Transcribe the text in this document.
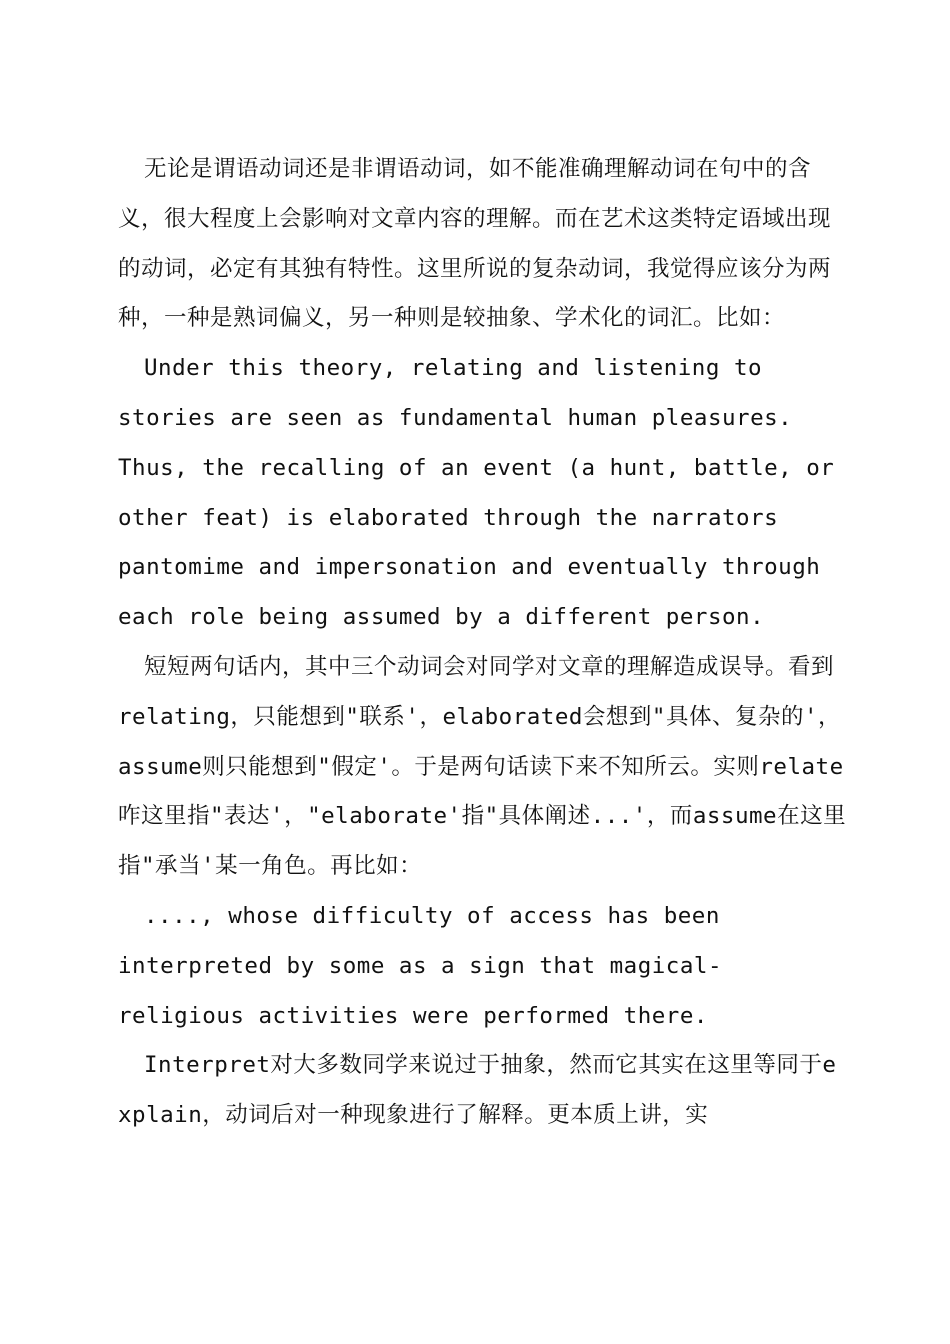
无论是谓语动词还是非谓语动词，如不能准确理解动词在句中的含义，很大程度上会影响对文章内容的理解。而在艺术这类特定语域出现的动词，必定有其独有特性。这里所说的复杂动词，我觉得应该分为两种，一种是熟词偏义，另一种则是较抽象、学术化的词汇。比如：

Under this theory, relating and listening to stories are seen as fundamental human pleasures. Thus, the recalling of an event (a hunt, battle, or other feat) is elaborated through the narrators pantomime and impersonation and eventually through each role being assumed by a different person.

短短两句话内，其中三个动词会对同学对文章的理解造成误导。看到relating，只能想到"联系'，elaborated会想到"具体、复杂的'，assume则只能想到"假定'。于是两句话读下来不知所云。实则relate咋这里指"表达'，"elaborate'指"具体阐述...'，而assume在这里指"承当'某一角色。再比如：

...., whose difficulty of access has been interpreted by some as a sign that magical-religious activities were performed there.

Interpret对大多数同学来说过于抽象，然而它其实在这里等同于explain，动词后对一种现象进行了解释。更本质上讲，实
